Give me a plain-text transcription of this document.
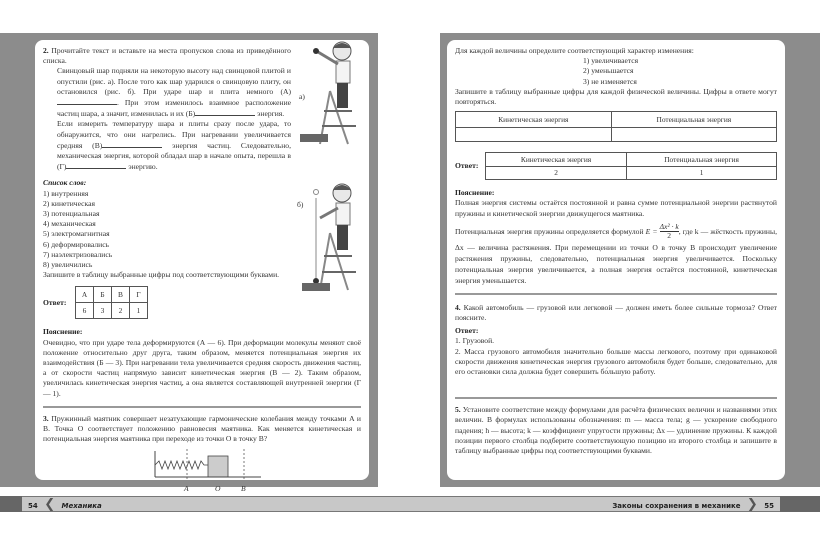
2. Прочитайте текст и вставьте на места пропусков слова из приведённого списка.

Свинцовый шар подняли на некоторую высоту над свинцовой плитой и опустили (рис. а). После того как шар ударился о свинцовую плиту, он остановился (рис. б). При ударе шар и плита немного (А). При этом изменилось взаимное расположение частиц шара, а значит, изменилась и их (Б)	энергия.

Если измерить температуру шара и плиты сразу после удара, то обнаружится, что они нагрелись. При нагревании увеличивается средняя (В)	энергия частиц. Следовательно, механическая энергия, которой обладал шар в начале опыта, перешла в (Г)	энергию.

Список слов:

1) внутренняя
2) кинетическая
3) потенциальная
4) механическая
5) электромагнитная
6) деформировались
7) наэлектризовались
8) увеличились

Запишите в таблицу выбранные цифры под соответствующими буквами.

Ответ:
А	Б	В	Г
6	3	2	1

Пояснение:

Очевидно, что при ударе тела деформируются (А — 6). При деформации молекулы меняют своё положение относительно друг друга, таким образом, меняется потенциальная энергия их взаимодействия (Б — 3). При нагревании тела увеличивается средняя скорость движения частиц, а от скорости частиц напрямую зависит кинетическая энергия (В — 2). Таким образом, увеличилась кинетическая энергия частиц, а она является составляющей внутренней энергии (Г — 1).

3. Пружинный маятник совершает незатухающие гармонические колебания между точками A и B. Точка O соответствует положению равновесия маятника. Как меняется кинетическая и потенциальная энергия маятника при переходе из точки O в точку B?

A	O	B
а)
б)

Для каждой величины определите соответствующий характер изменения:

1) увеличивается
2) уменьшается
3) не изменяется

Запишите в таблицу выбранные цифры для каждой физической величины. Цифры в ответе могут повторяться.

Кинетическая энергия	Потенциальная энергия

Ответ:
Кинетическая энергия	Потенциальная энергия
2	1

Пояснение:

Полная энергия системы остаётся постоянной и равна сумме потенциальной энергии растянутой пружины и кинетической энергии движущегося маятника.

Потенциальная энергия пружины определяется формулой $E = \frac{\text{Δx² · k}}{2}$ , где k — жёсткость пружины, Δx — величина растяжения. При перемещении из точки O в точку B происходит увеличение растяжения пружины, следовательно, потенциальная энергия увеличивается. Поскольку потенциальная энергия увеличивается, а полная энергия остаётся постоянной, кинетическая энергия уменьшается.

4. Какой автомобиль — грузовой или легковой — должен иметь более сильные тормоза? Ответ поясните.

Ответ:

1. Грузовой.

2. Масса грузового автомобиля значительно больше массы легкового, поэтому при одинаковой скорости движения кинетическая энергия грузового автомобиля будет больше, следовательно, для его остановки сила должна будет совершить бо́льшую работу.

5. Установите соответствие между формулами для расчёта физических величин и названиями этих величин. В формулах использованы обозначения: m — масса тела; g — ускорение свободного падения; h — высота; k — коэффициент упругости пружины; Δx — удлинение пружины. К каждой позиции первого столбца подберите соответствующую позицию из второго столбца и запишите в таблицу выбранные цифры под соответствующими буквами.

54 ❮ Механика	Законы сохранения в механике ❯ 55
